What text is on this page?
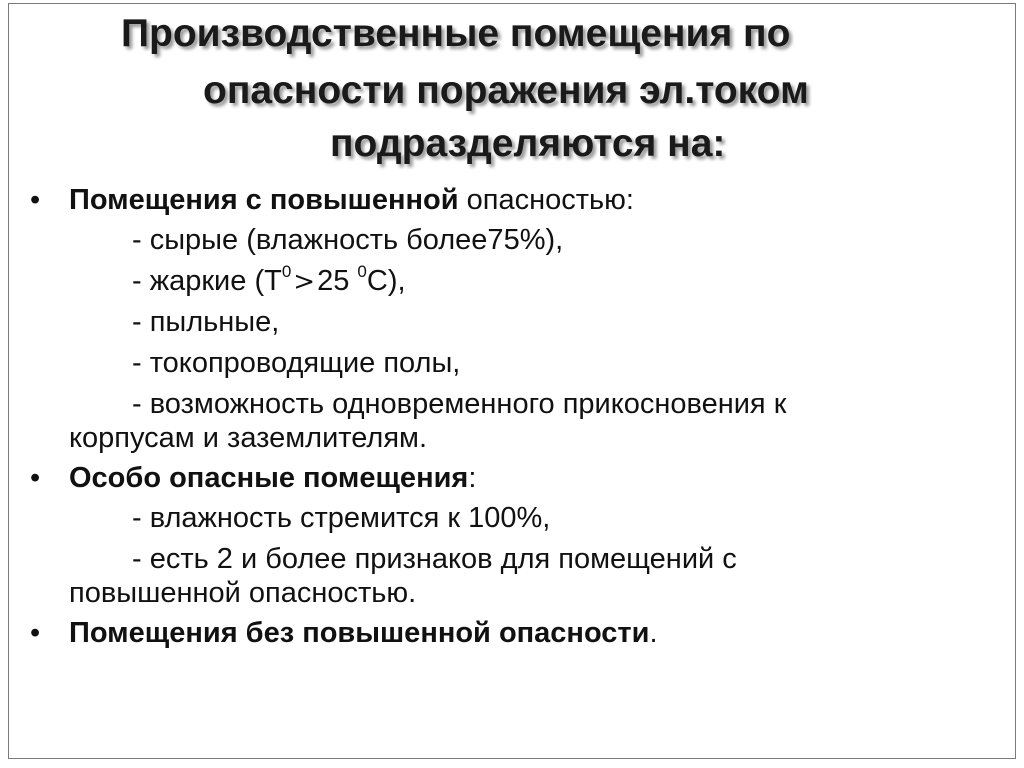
Производственные помещения по
опасности поражения эл.током
подразделяются на:
• Помещения с повышенной опасностью:
- сырые (влажность более75%),
- жаркие ($Т^0>25$ $^0$С),
- пыльные,
- токопроводящие полы,
- возможность одновременного прикосновения к
корпусам и заземлителям.
• Особо опасные помещения:
- влажность стремится к 100%,
- есть 2 и более признаков для помещений с
повышенной опасностью.
• Помещения без повышенной опасности.
